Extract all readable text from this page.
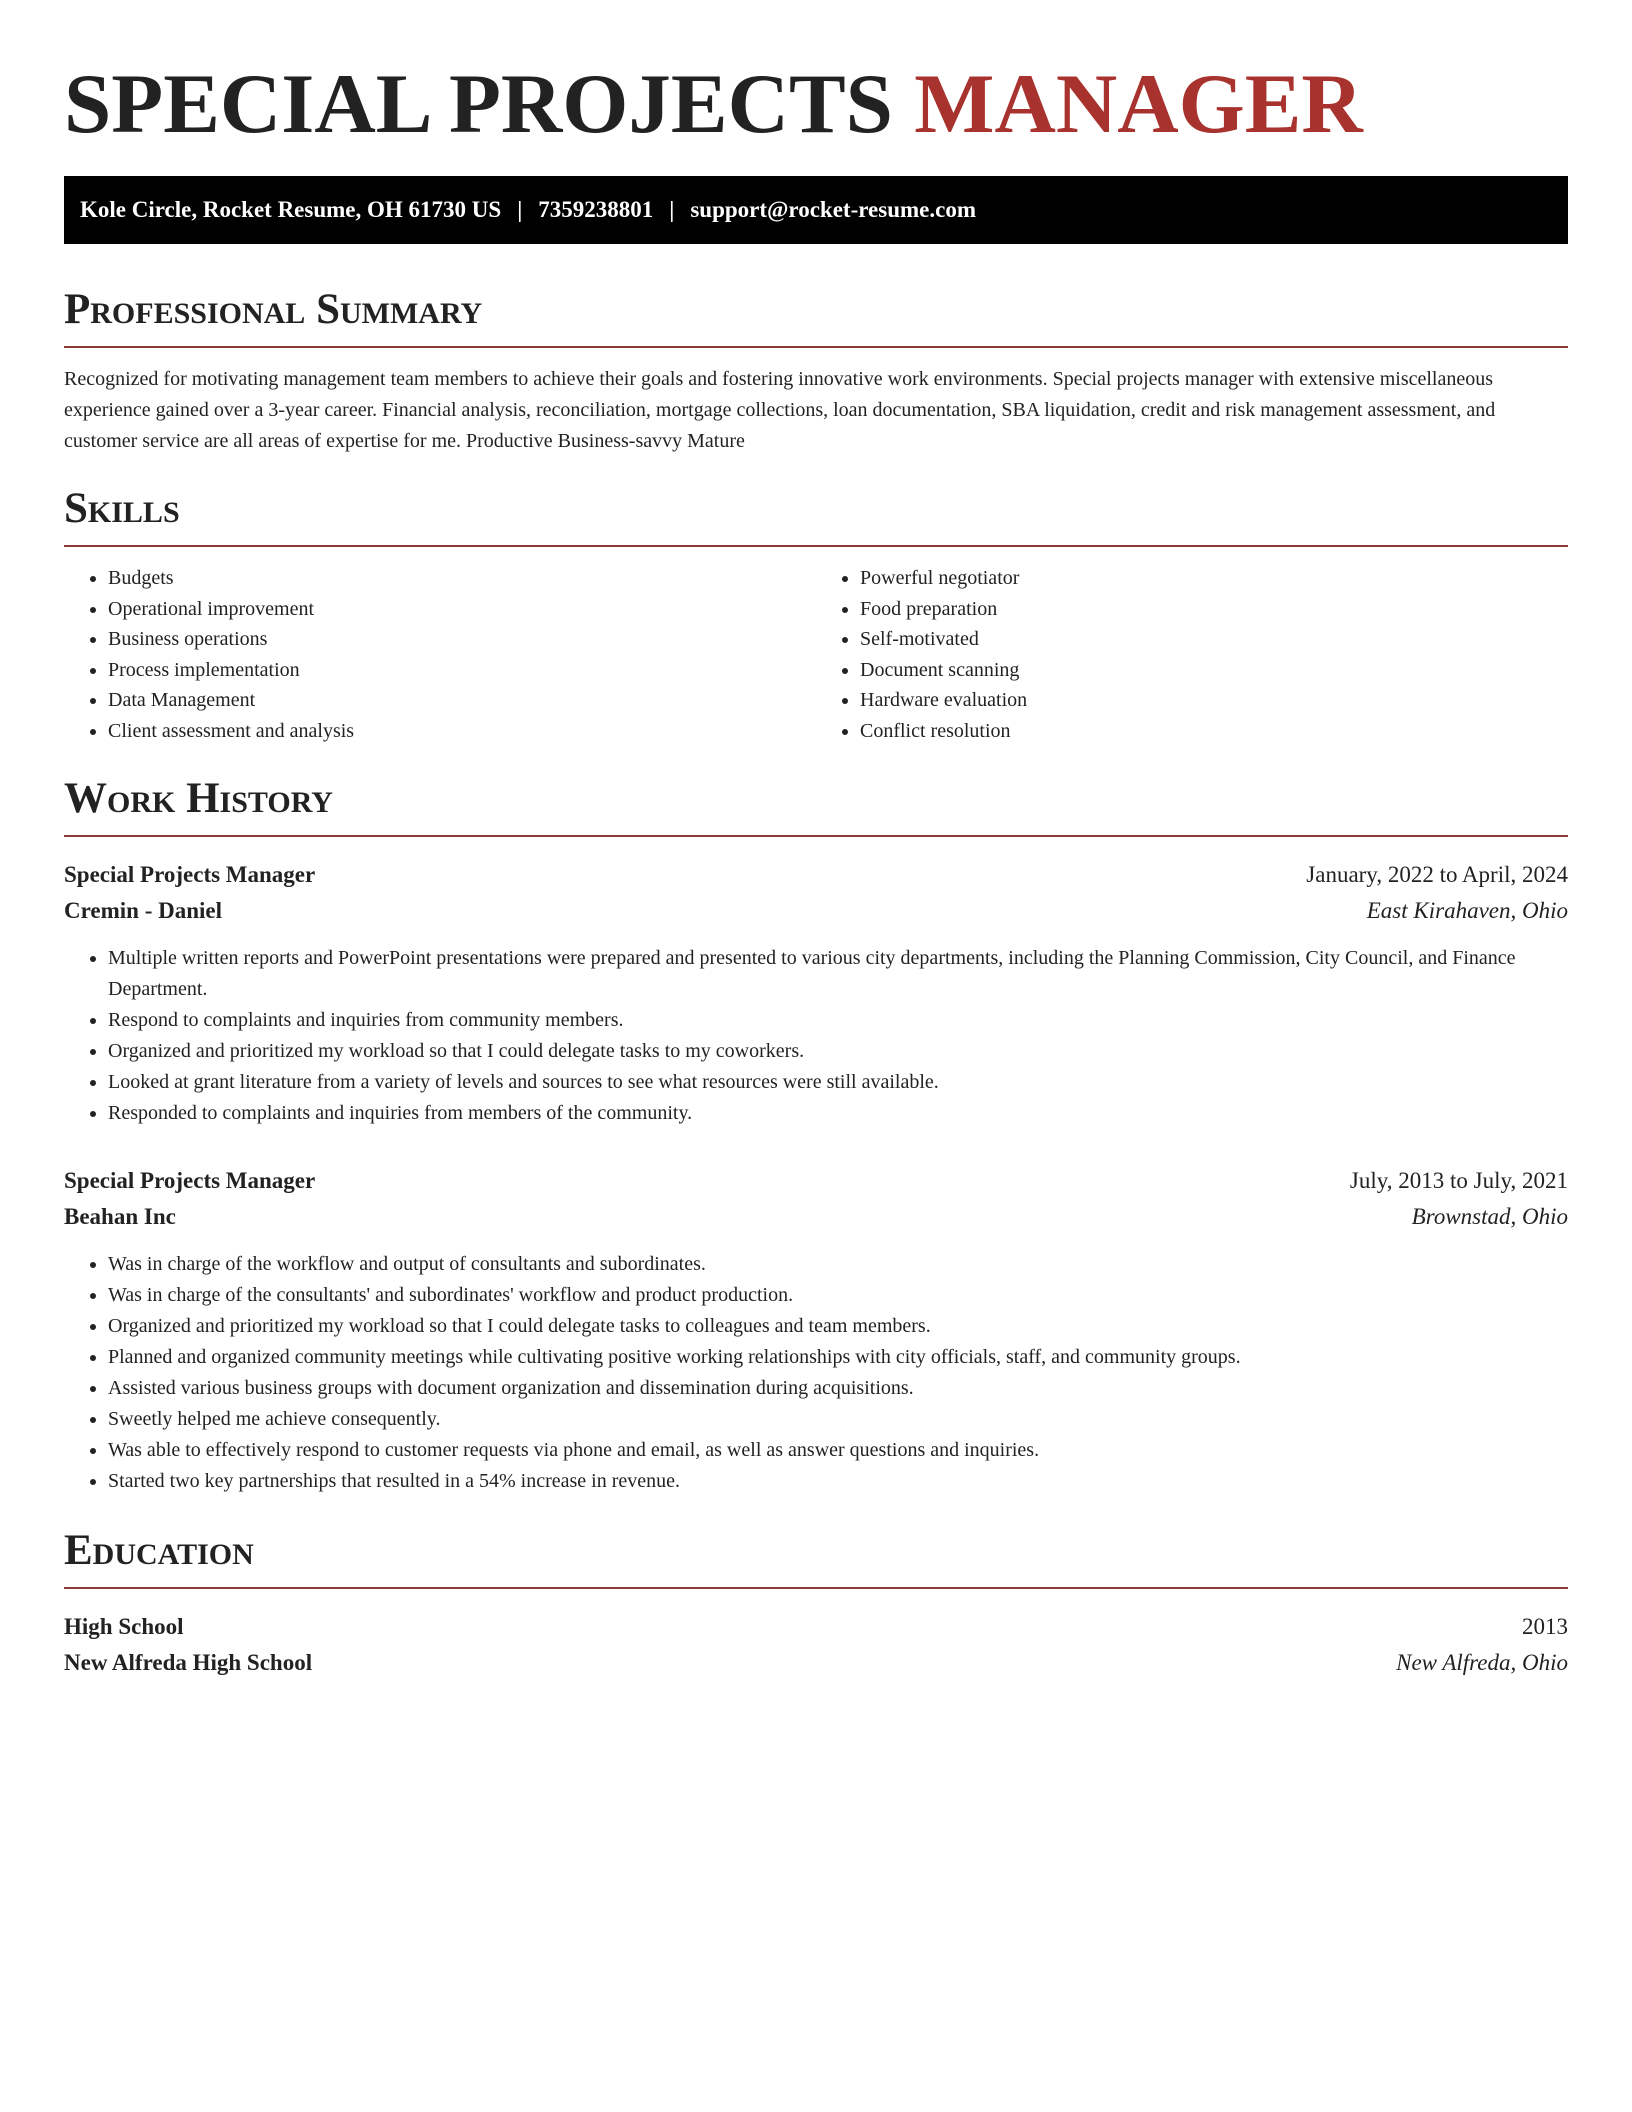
SPECIAL PROJECTS MANAGER
Kole Circle, Rocket Resume, OH 61730 US | 7359238801 | support@rocket-resume.com
Professional Summary

Recognized for motivating management team members to achieve their goals and fostering innovative work environments. Special projects manager with extensive miscellaneous experience gained over a 3-year career. Financial analysis, reconciliation, mortgage collections, loan documentation, SBA liquidation, credit and risk management assessment, and customer service are all areas of expertise for me. Productive Business-savvy Mature

Skills
• Budgets
• Operational improvement
• Business operations
• Process implementation
• Data Management
• Client assessment and analysis
• Powerful negotiator
• Food preparation
• Self-motivated
• Document scanning
• Hardware evaluation
• Conflict resolution
Work History
Special Projects Manager	January, 2022 to April, 2024
Cremin - Daniel	East Kirahaven, Ohio
• Multiple written reports and PowerPoint presentations were prepared and presented to various city departments, including the Planning Commission, City Council, and Finance Department.
• Respond to complaints and inquiries from community members.
• Organized and prioritized my workload so that I could delegate tasks to my coworkers.
• Looked at grant literature from a variety of levels and sources to see what resources were still available.
• Responded to complaints and inquiries from members of the community.
Special Projects Manager	July, 2013 to July, 2021
Beahan Inc	Brownstad, Ohio
• Was in charge of the workflow and output of consultants and subordinates.
• Was in charge of the consultants' and subordinates' workflow and product production.
• Organized and prioritized my workload so that I could delegate tasks to colleagues and team members.
• Planned and organized community meetings while cultivating positive working relationships with city officials, staff, and community groups.
• Assisted various business groups with document organization and dissemination during acquisitions.
• Sweetly helped me achieve consequently.
• Was able to effectively respond to customer requests via phone and email, as well as answer questions and inquiries.
• Started two key partnerships that resulted in a 54% increase in revenue.
Education
High School	2013
New Alfreda High School	New Alfreda, Ohio
